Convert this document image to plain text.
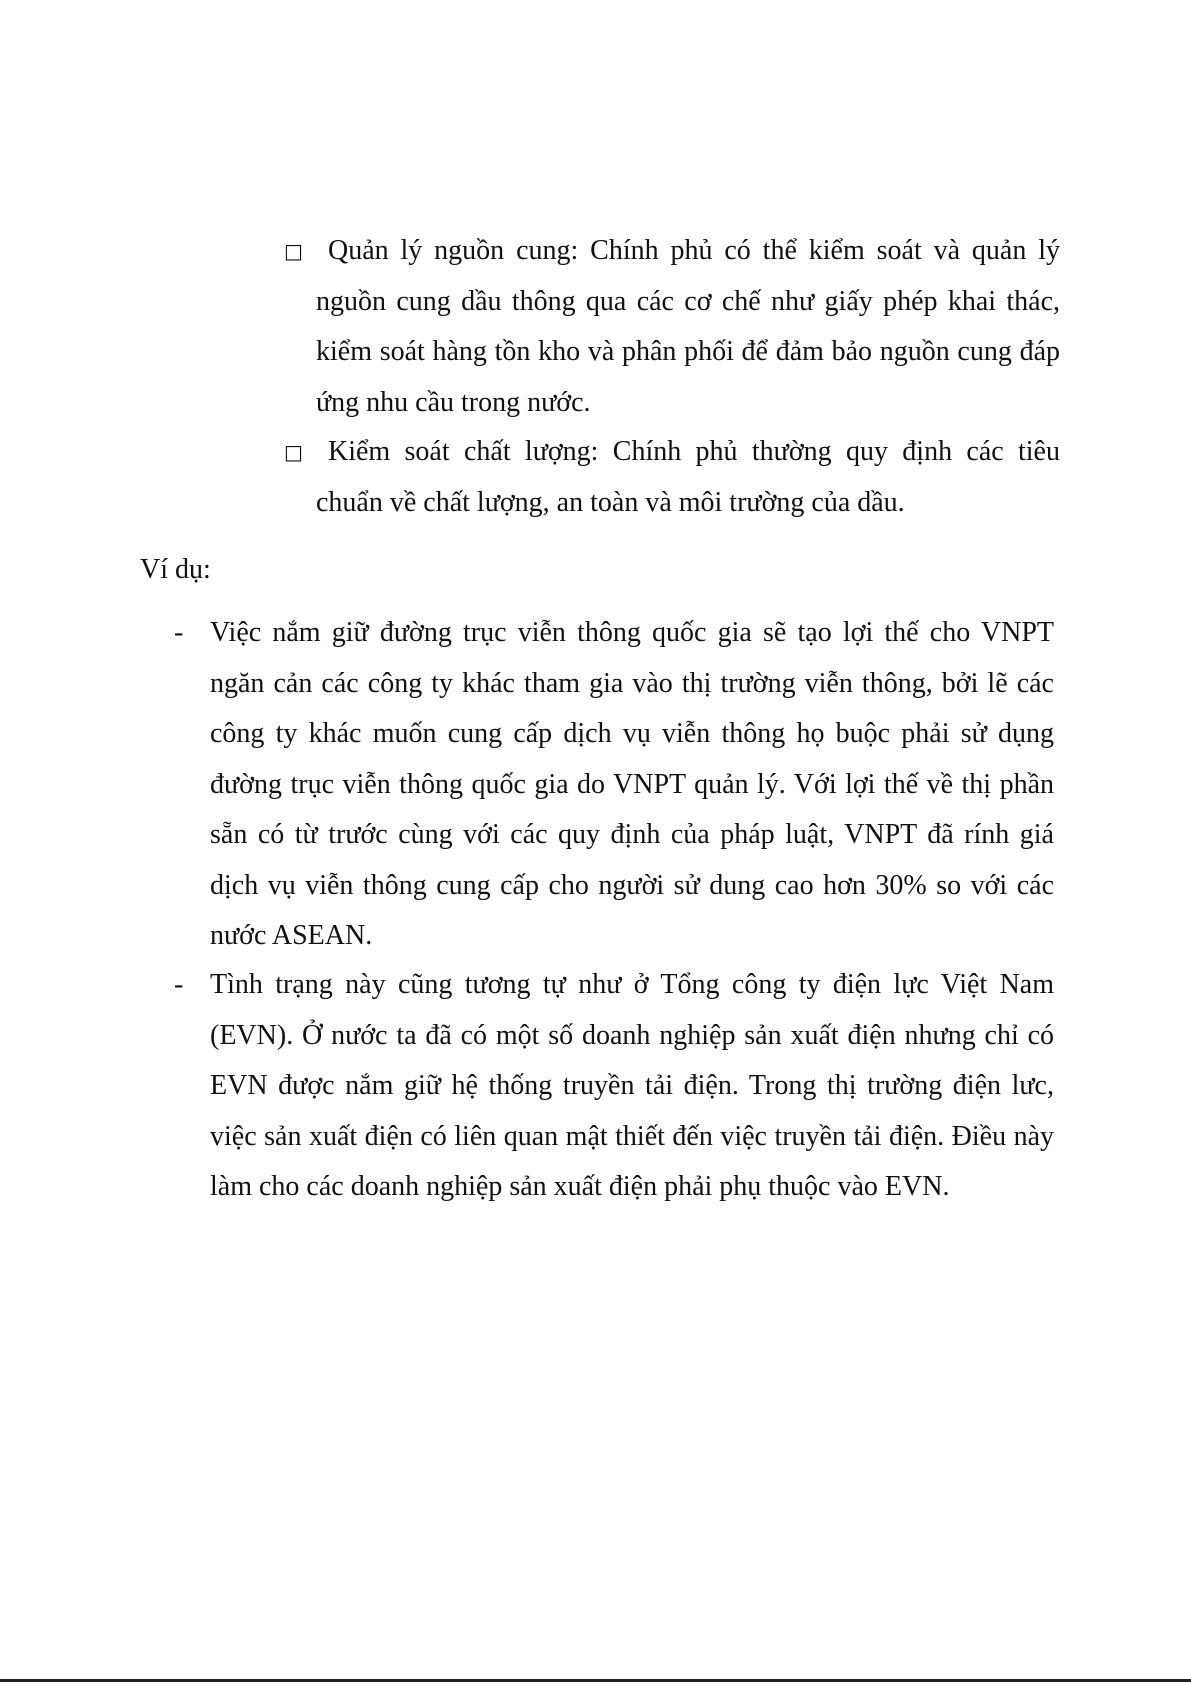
□ Quản lý nguồn cung: Chính phủ có thể kiểm soát và quản lý nguồn cung dầu thông qua các cơ chế như giấy phép khai thác, kiểm soát hàng tồn kho và phân phối để đảm bảo nguồn cung đáp ứng nhu cầu trong nước.
□ Kiểm soát chất lượng: Chính phủ thường quy định các tiêu chuẩn về chất lượng, an toàn và môi trường của dầu.
Ví dụ:
- Việc nắm giữ đường trục viễn thông quốc gia sẽ tạo lợi thế cho VNPT ngăn cản các công ty khác tham gia vào thị trường viễn thông, bởi lẽ các công ty khác muốn cung cấp dịch vụ viễn thông họ buộc phải sử dụng đường trục viễn thông quốc gia do VNPT quản lý. Với lợi thế về thị phần sẵn có từ trước cùng với các quy định của pháp luật, VNPT đã rính giá dịch vụ viễn thông cung cấp cho người sử dung cao hơn 30% so với các nước ASEAN.
- Tình trạng này cũng tương tự như ở Tổng công ty điện lực Việt Nam (EVN). Ở nước ta đã có một số doanh nghiệp sản xuất điện nhưng chỉ có EVN được nắm giữ hệ thống truyền tải điện. Trong thị trường điện lưc, việc sản xuất điện có liên quan mật thiết đến việc truyền tải điện. Điều này làm cho các doanh nghiệp sản xuất điện phải phụ thuộc vào EVN.
